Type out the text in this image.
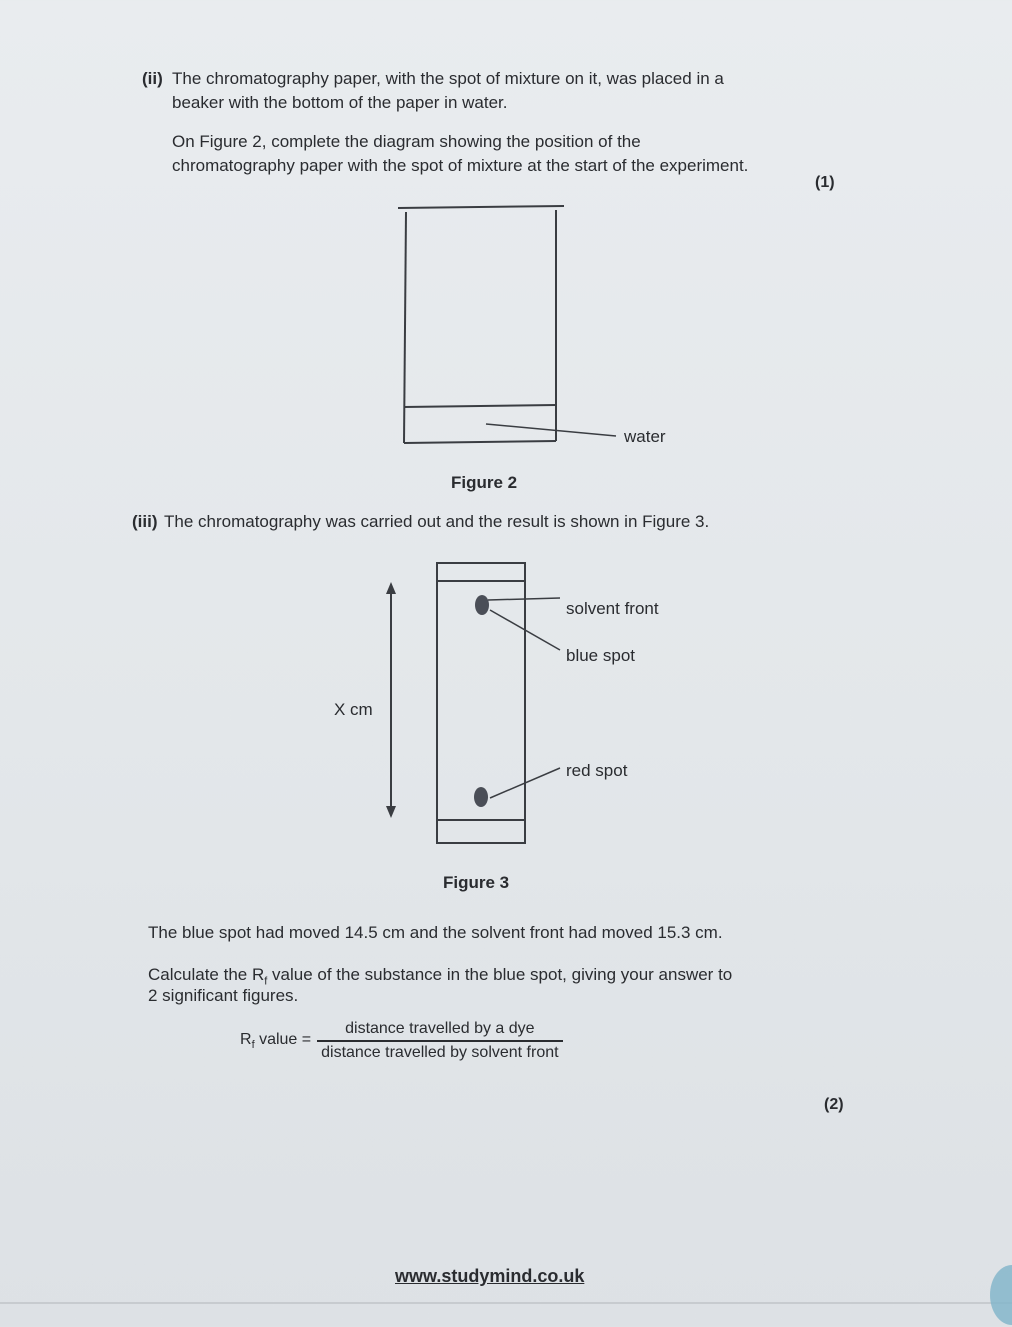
(ii) The chromatography paper, with the spot of mixture on it, was placed in a
beaker with the bottom of the paper in water.
On Figure 2, complete the diagram showing the position of the
chromatography paper with the spot of mixture at the start of the experiment.
(1)
water
solvent front
blue spot
red spot
X cm
Figure 2
(iii) The chromatography was carried out and the result is shown in Figure 3.
Figure 3
The blue spot had moved 14.5 cm and the solvent front had moved 15.3 cm.
Calculate the $R_f$ value of the substance in the blue spot, giving your answer to
2 significant figures.
$R_f$ value = $\frac{\text{distance travelled by a dye}}{\text{distance travelled by solvent front}}$
(2)
www.studymind.co.uk
